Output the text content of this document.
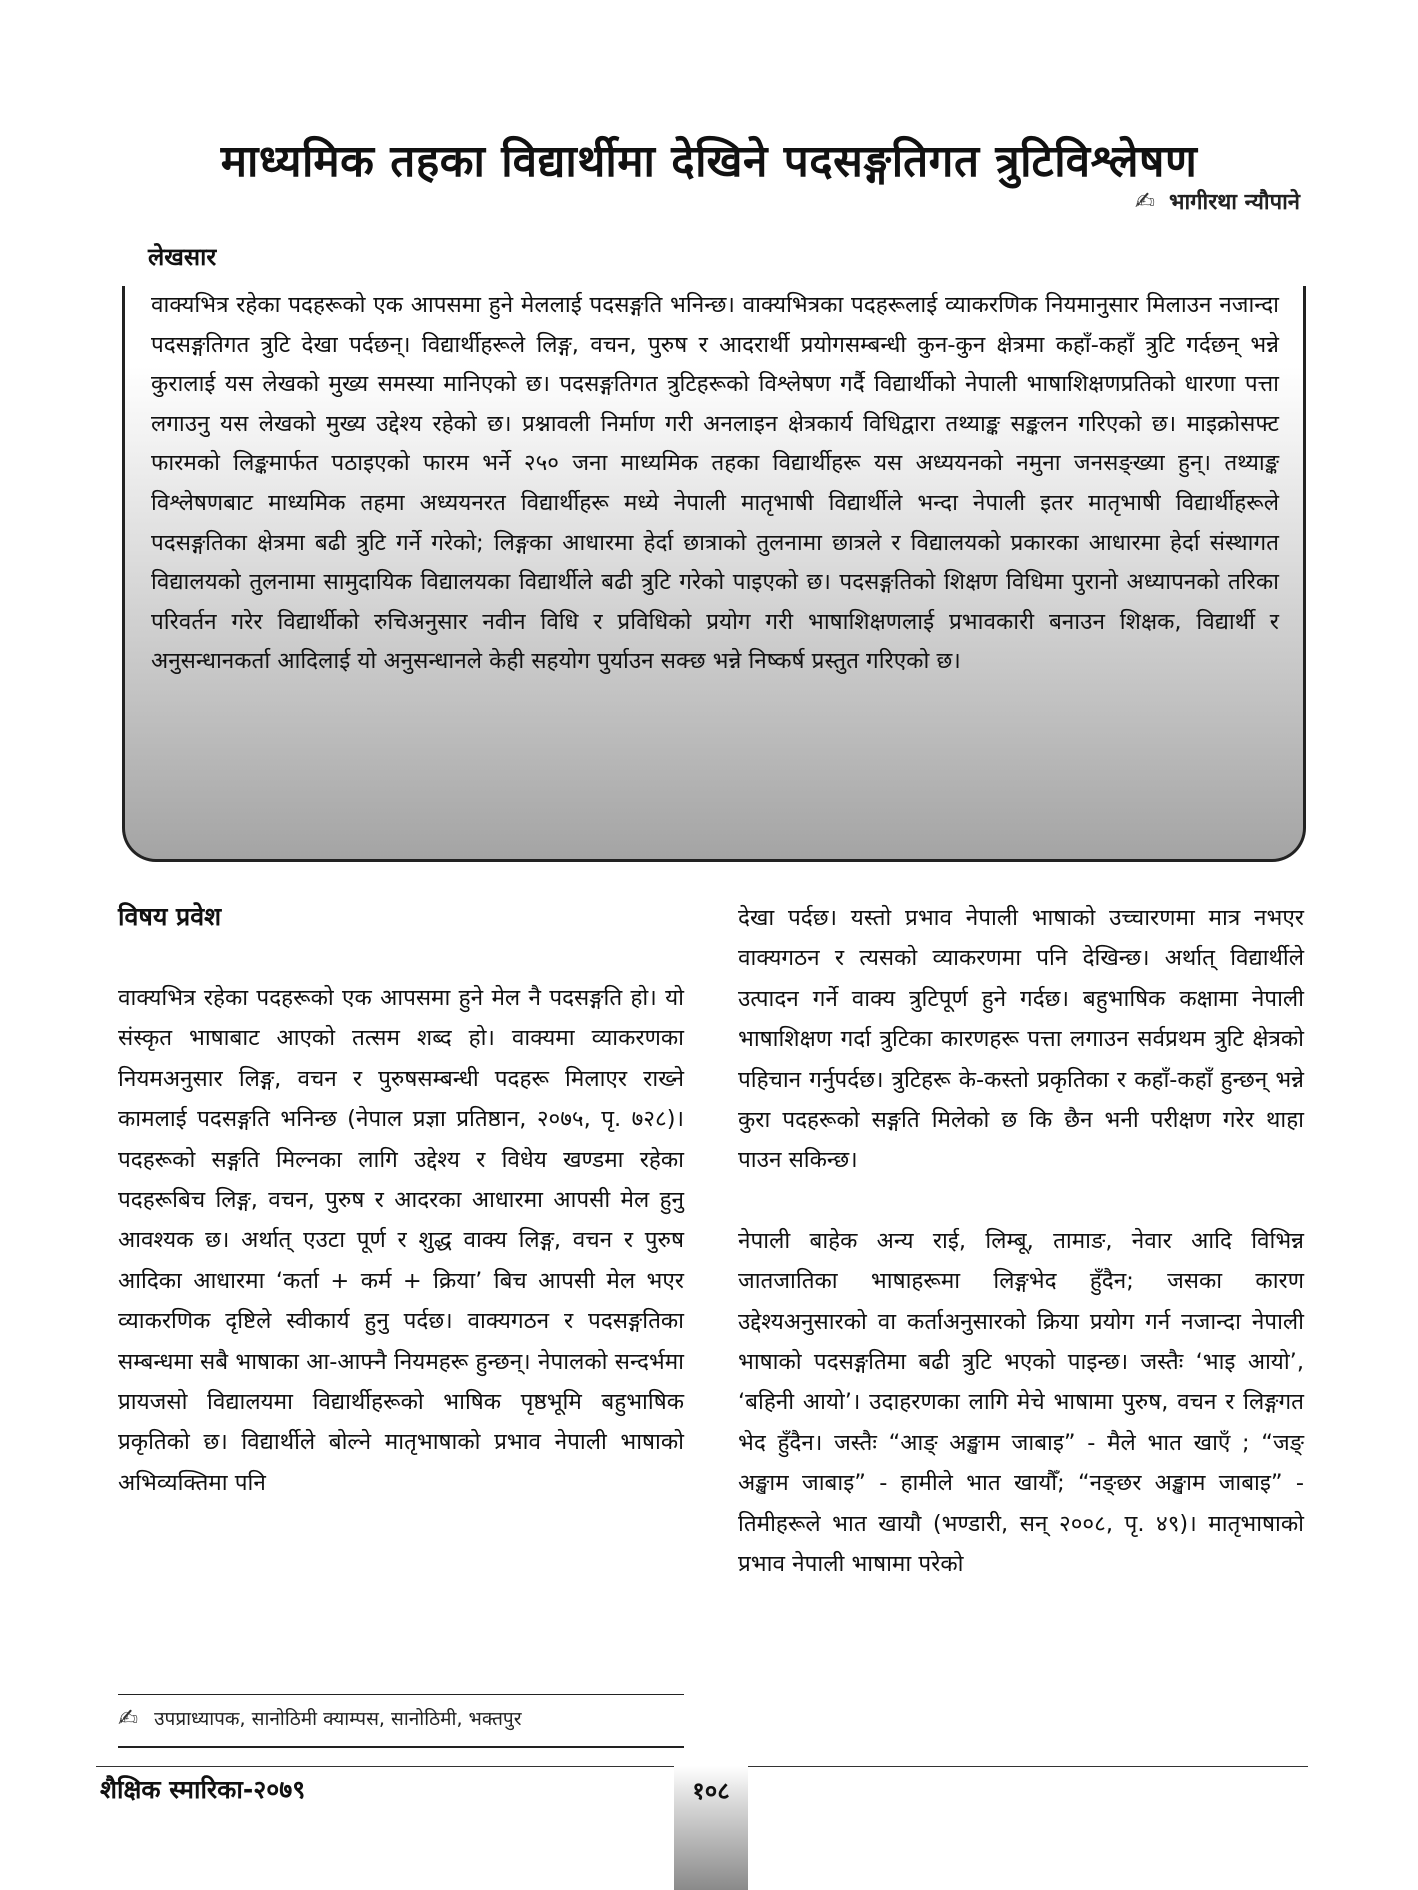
माध्यमिक तहका विद्यार्थीमा देखिने पदसङ्गतिगत त्रुटिविश्लेषण
✍ भागीरथा न्यौपाने
लेखसार

वाक्यभित्र रहेका पदहरूको एक आपसमा हुने मेललाई पदसङ्गति भनिन्छ। वाक्यभित्रका पदहरूलाई व्याकरणिक नियमानुसार मिलाउन नजान्दा पदसङ्गतिगत त्रुटि देखा पर्दछन्। विद्यार्थीहरूले लिङ्ग, वचन, पुरुष र आदरार्थी प्रयोगसम्बन्धी कुन-कुन क्षेत्रमा कहाँ-कहाँ त्रुटि गर्दछन् भन्ने कुरालाई यस लेखको मुख्य समस्या मानिएको छ। पदसङ्गतिगत त्रुटिहरूको विश्लेषण गर्दै विद्यार्थीको नेपाली भाषाशिक्षणप्रतिको धारणा पत्ता लगाउनु यस लेखको मुख्य उद्देश्य रहेको छ। प्रश्नावली निर्माण गरी अनलाइन क्षेत्रकार्य विधिद्वारा तथ्याङ्क सङ्कलन गरिएको छ। माइक्रोसफ्ट फारमको लिङ्कमार्फत पठाइएको फारम भर्ने २५० जना माध्यमिक तहका विद्यार्थीहरू यस अध्ययनको नमुना जनसङ्ख्या हुन्। तथ्याङ्क विश्लेषणबाट माध्यमिक तहमा अध्ययनरत विद्यार्थीहरू मध्ये नेपाली मातृभाषी विद्यार्थीले भन्दा नेपाली इतर मातृभाषी विद्यार्थीहरूले पदसङ्गतिका क्षेत्रमा बढी त्रुटि गर्ने गरेको; लिङ्गका आधारमा हेर्दा छात्राको तुलनामा छात्रले र विद्यालयको प्रकारका आधारमा हेर्दा संस्थागत विद्यालयको तुलनामा सामुदायिक विद्यालयका विद्यार्थीले बढी त्रुटि गरेको पाइएको छ। पदसङ्गतिको शिक्षण विधिमा पुरानो अध्यापनको तरिका परिवर्तन गरेर विद्यार्थीको रुचिअनुसार नवीन विधि र प्रविधिको प्रयोग गरी भाषाशिक्षणलाई प्रभावकारी बनाउन शिक्षक, विद्यार्थी र अनुसन्धानकर्ता आदिलाई यो अनुसन्धानले केही सहयोग पुर्याउन सक्छ भन्ने निष्कर्ष प्रस्तुत गरिएको छ।

विषय प्रवेश

वाक्यभित्र रहेका पदहरूको एक आपसमा हुने मेल नै पदसङ्गति हो। यो संस्कृत भाषाबाट आएको तत्सम शब्द हो। वाक्यमा व्याकरणका नियमअनुसार लिङ्ग, वचन र पुरुषसम्बन्धी पदहरू मिलाएर राख्ने कामलाई पदसङ्गति भनिन्छ (नेपाल प्रज्ञा प्रतिष्ठान, २०७५, पृ. ७२८)। पदहरूको सङ्गति मिल्नका लागि उद्देश्य र विधेय खण्डमा रहेका पदहरूबिच लिङ्ग, वचन, पुरुष र आदरका आधारमा आपसी मेल हुनु आवश्यक छ। अर्थात् एउटा पूर्ण र शुद्ध वाक्य लिङ्ग, वचन र पुरुष आदिका आधारमा ‘कर्ता + कर्म + क्रिया’ बिच आपसी मेल भएर व्याकरणिक दृष्टिले स्वीकार्य हुनु पर्दछ। वाक्यगठन र पदसङ्गतिका सम्बन्धमा सबै भाषाका आ-आफ्नै नियमहरू हुन्छन्। नेपालको सन्दर्भमा प्रायजसो विद्यालयमा विद्यार्थीहरूको भाषिक पृष्ठभूमि बहुभाषिक प्रकृतिको छ। विद्यार्थीले बोल्ने मातृभाषाको प्रभाव नेपाली भाषाको अभिव्यक्तिमा पनि

देखा पर्दछ। यस्तो प्रभाव नेपाली भाषाको उच्चारणमा मात्र नभएर वाक्यगठन र त्यसको व्याकरणमा पनि देखिन्छ। अर्थात् विद्यार्थीले उत्पादन गर्ने वाक्य त्रुटिपूर्ण हुने गर्दछ। बहुभाषिक कक्षामा नेपाली भाषाशिक्षण गर्दा त्रुटिका कारणहरू पत्ता लगाउन सर्वप्रथम त्रुटि क्षेत्रको पहिचान गर्नुपर्दछ। त्रुटिहरू के-कस्तो प्रकृतिका र कहाँ-कहाँ हुन्छन् भन्ने कुरा पदहरूको सङ्गति मिलेको छ कि छैन भनी परीक्षण गरेर थाहा पाउन सकिन्छ।

नेपाली बाहेक अन्य राई, लिम्बू, तामाङ, नेवार आदि विभिन्न जातजातिका भाषाहरूमा लिङ्गभेद हुँदैन; जसका कारण उद्देश्यअनुसारको वा कर्ताअनुसारको क्रिया प्रयोग गर्न नजान्दा नेपाली भाषाको पदसङ्गतिमा बढी त्रुटि भएको पाइन्छ। जस्तैः ‘भाइ आयो’, ‘बहिनी आयो’। उदाहरणका लागि मेचे भाषामा पुरुष, वचन र लिङ्गगत भेद हुँदैन। जस्तैः “आङ् अङ्खाम जाबाइ” - मैले भात खाएँ ; “जङ् अङ्खाम जाबाइ” - हामीले भात खायौँ; “नङ्छर अङ्खाम जाबाइ” - तिमीहरूले भात खायौ (भण्डारी, सन् २००८, पृ. ४९)। मातृभाषाको प्रभाव नेपाली भाषामा परेको

✍ उपप्राध्यापक, सानोठिमी क्याम्पस, सानोठिमी, भक्तपुर
शैक्षिक स्मारिका-२०७९	१०८
